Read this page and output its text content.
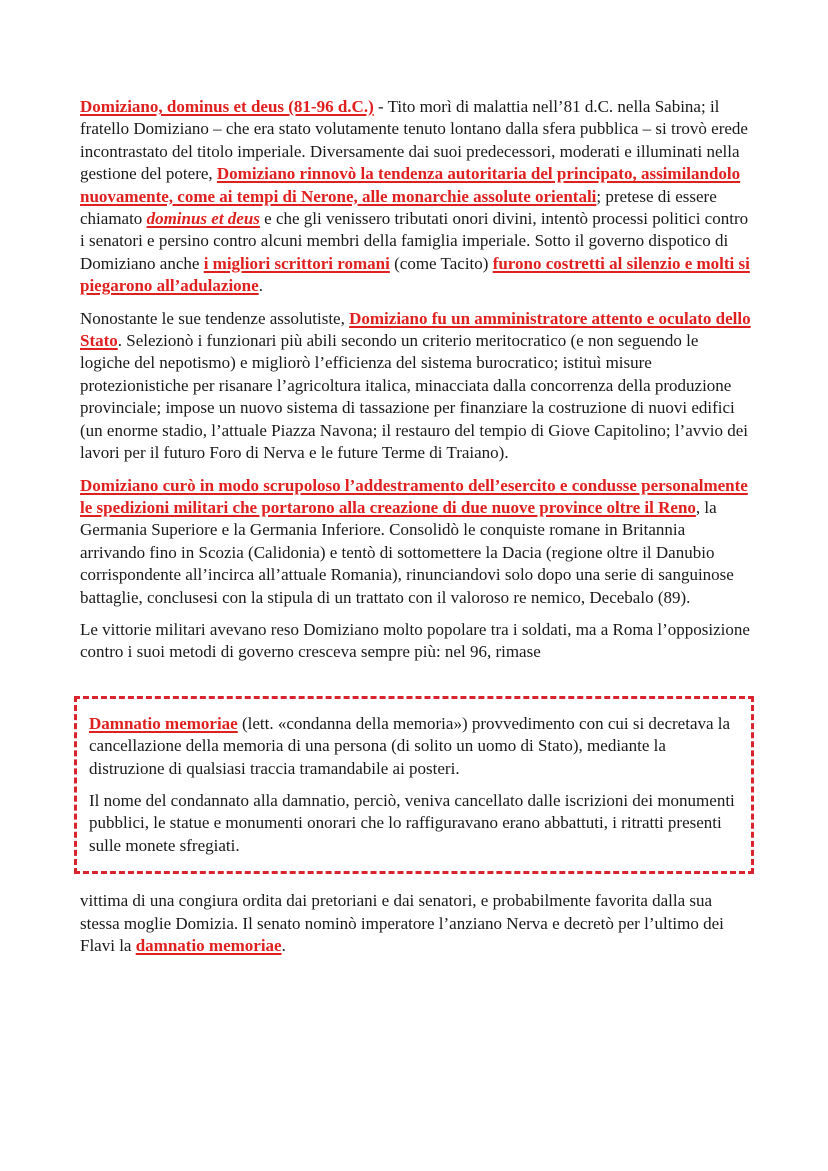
Domiziano, dominus et deus (81-96 d.C.) - Tito morì di malattia nell’81 d.C. nella Sabina; il fratello Domiziano – che era stato volutamente tenuto lontano dalla sfera pubblica – si trovò erede incontrastato del titolo imperiale. Diversamente dai suoi predecessori, moderati e illuminati nella gestione del potere, Domiziano rinnovò la tendenza autoritaria del principato, assimilandolo nuovamente, come ai tempi di Nerone, alle monarchie assolute orientali; pretese di essere chiamato dominus et deus e che gli venissero tributati onori divini, intentò processi politici contro i senatori e persino contro alcuni membri della famiglia imperiale. Sotto il governo dispotico di Domiziano anche i migliori scrittori romani (come Tacito) furono costretti al silenzio e molti si piegarono all’adulazione.

Nonostante le sue tendenze assolutiste, Domiziano fu un amministratore attento e oculato dello Stato. Selezionò i funzionari più abili secondo un criterio meritocratico (e non seguendo le logiche del nepotismo) e migliorò l’efficienza del sistema burocratico; istituì misure protezionistiche per risanare l’agricoltura italica, minacciata dalla concorrenza della produzione provinciale; impose un nuovo sistema di tassazione per finanziare la costruzione di nuovi edifici (un enorme stadio, l’attuale Piazza Navona; il restauro del tempio di Giove Capitolino; l’avvio dei lavori per il futuro Foro di Nerva e le future Terme di Traiano).

Domiziano curò in modo scrupoloso l’addestramento dell’esercito e condusse personalmente le spedizioni militari che portarono alla creazione di due nuove province oltre il Reno, la Germania Superiore e la Germania Inferiore. Consolidò le conquiste romane in Britannia arrivando fino in Scozia (Calidonia) e tentò di sottomettere la Dacia (regione oltre il Danubio corrispondente all’incirca all’attuale Romania), rinunciandovi solo dopo una serie di sanguinose battaglie, conclusesi con la stipula di un trattato con il valoroso re nemico, Decebalo (89).

Le vittorie militari avevano reso Domiziano molto popolare tra i soldati, ma a Roma l’opposizione contro i suoi metodi di governo cresceva sempre più: nel 96, rimase

Damnatio memoriae (lett. «condanna della memoria») provvedimento con cui si decretava la cancellazione della memoria di una persona (di solito un uomo di Stato), mediante la distruzione di qualsiasi traccia tramandabile ai posteri.

Il nome del condannato alla damnatio, perciò, veniva cancellato dalle iscrizioni dei monumenti pubblici, le statue e monumenti onorari che lo raffiguravano erano abbattuti, i ritratti presenti sulle monete sfregiati.

vittima di una congiura ordita dai pretoriani e dai senatori, e probabilmente favorita dalla sua stessa moglie Domizia. Il senato nominò imperatore l’anziano Nerva e decretò per l’ultimo dei Flavi la damnatio memoriae.
